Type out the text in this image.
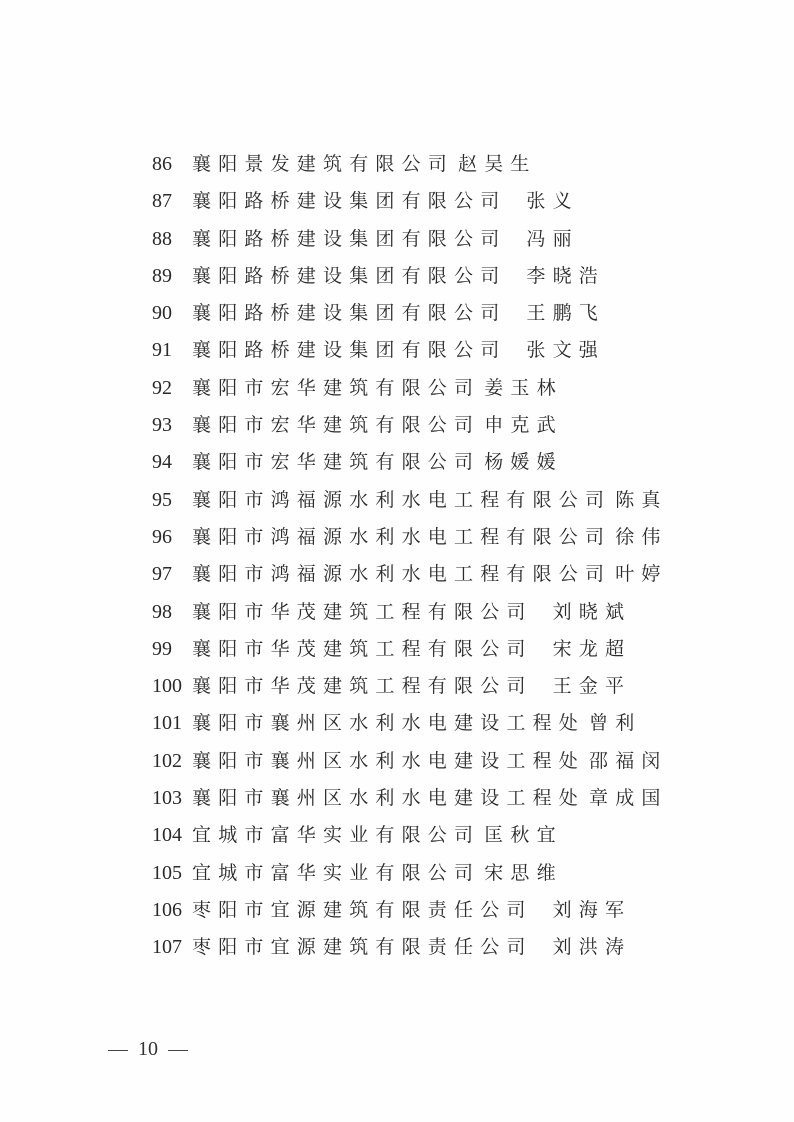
86	襄阳景发建筑有限公司 赵吴生
87	襄阳路桥建设集团有限公司 张义
88	襄阳路桥建设集团有限公司 冯丽
89	襄阳路桥建设集团有限公司 李晓浩
90	襄阳路桥建设集团有限公司 王鹏飞
91	襄阳路桥建设集团有限公司 张文强
92	襄阳市宏华建筑有限公司 姜玉林
93	襄阳市宏华建筑有限公司 申克武
94	襄阳市宏华建筑有限公司 杨媛媛
95	襄阳市鸿福源水利水电工程有限公司 陈真
96	襄阳市鸿福源水利水电工程有限公司 徐伟
97	襄阳市鸿福源水利水电工程有限公司 叶婷
98	襄阳市华茂建筑工程有限公司 刘晓斌
99	襄阳市华茂建筑工程有限公司 宋龙超
100 襄阳市华茂建筑工程有限公司 王金平
101 襄阳市襄州区水利水电建设工程处 曾利
102 襄阳市襄州区水利水电建设工程处 邵福闵
103 襄阳市襄州区水利水电建设工程处 章成国
104 宜城市富华实业有限公司 匡秋宜
105 宜城市富华实业有限公司 宋思维
106 枣阳市宜源建筑有限责任公司 刘海军
107 枣阳市宜源建筑有限责任公司 刘洪涛
10
